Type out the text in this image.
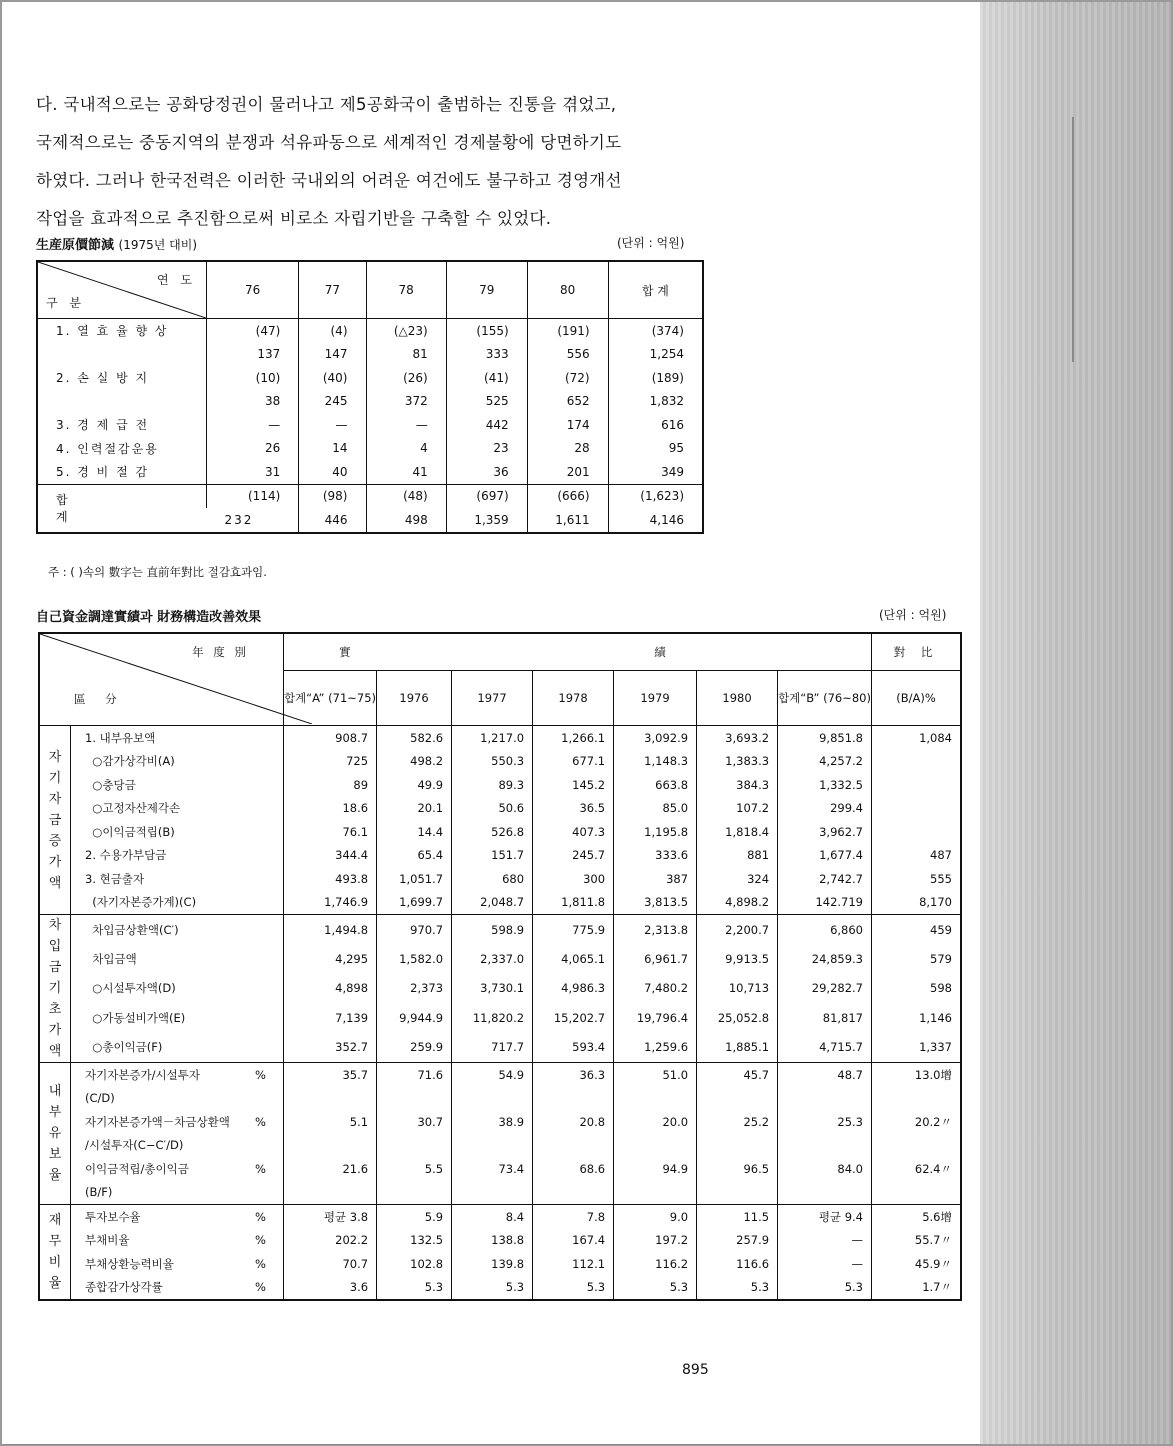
다. 국내적으로는 공화당정권이 물러나고 제5공화국이 출범하는 진통을 겪었고,
국제적으로는 중동지역의 분쟁과 석유파동으로 세계적인 경제불황에 당면하기도
하였다. 그러나 한국전력은 이러한 국내외의 어려운 여건에도 불구하고 경영개선
작업을 효과적으로 추진함으로써 비로소 자립기반을 구축할 수 있었다.
生産原價節減 (1975년 대비)	(단위 : 억원)
연 도
구 분	76	77	78	79	80	합 계
1. 열 효 율 향 상	(47)	(4)	(△23)	(155)	(191)	(374)
	137	147	81	333	556	1,254
2. 손 실 방 지	(10)	(40)	(26)	(41)	(72)	(189)
	38	245	372	525	652	1,832
3. 경 제 급 전	—	—	—	442	174	616
4. 인력절감운용	26	14	4	23	28	95
5. 경 비 절 감	31	40	41	36	201	349
합 계	(114)	(98)	(48)	(697)	(666)	(1,623)
	232	446	498	1,359	1,611	4,146
주 : ( )속의 數字는 直前年對比 절감효과임.
自己資金調達實績과 財務構造改善效果	(단위 : 억원)
年 度 別
區 分			實 績							對 比
			합계“A” (71~75)	1976	1977	1978	1979	1980	합계“B” (76~80)	(B/A)%

자기자금증가액	1. 내부유보액		908.7	582.6	1,217.0	1,266.1	3,092.9	3,693.2	9,851.8	1,084
	○감가상각비(A)		725	498.2	550.3	677.1	1,148.3	1,383.3	4,257.2	
	○충당금		89	49.9	89.3	145.2	663.8	384.3	1,332.5	
	○고정자산제각손		18.6	20.1	50.6	36.5	85.0	107.2	299.4	
	○이익금적립(B)		76.1	14.4	526.8	407.3	1,195.8	1,818.4	3,962.7	
	2. 수용가부담금		344.4	65.4	151.7	245.7	333.6	881	1,677.4	487
	3. 현금출자		493.8	1,051.7	680	300	387	324	2,742.7	555
	(자기자본증가계)(C)		1,746.9	1,699.7	2,048.7	1,811.8	3,813.5	4,898.2	142.719	8,170

차입금기초가액	차입금상환액(C′)		1,494.8	970.7	598.9	775.9	2,313.8	2,200.7	6,860	459
	차입금액		4,295	1,582.0	2,337.0	4,065.1	6,961.7	9,913.5	24,859.3	579
	○시설투자액(D)		4,898	2,373	3,730.1	4,986.3	7,480.2	10,713	29,282.7	598
	○가동설비가액(E)		7,139	9,944.9	11,820.2	15,202.7	19,796.4	25,052.8	81,817	1,146
	○총이익금(F)		352.7	259.9	717.7	593.4	1,259.6	1,885.1	4,715.7	1,337

내부유보율	자기자본증가/시설투자	%	35.7	71.6	54.9	36.3	51.0	45.7	48.7	13.0增
	(C/D)									
	자기자본증가액－차금상환액	%	5.1	30.7	38.9	20.8	20.0	25.2	25.3	20.2〃
	/시설투자(C−C′/D)									
	이익금적립/총이익금	%	21.6	5.5	73.4	68.6	94.9	96.5	84.0	62.4〃
	(B/F)									

재무비율	투자보수율	%	평균 3.8	5.9	8.4	7.8	9.0	11.5	평균 9.4	5.6增
	부채비율	%	202.2	132.5	138.8	167.4	197.2	257.9	—	55.7〃
	부채상환능력비율	%	70.7	102.8	139.8	112.1	116.2	116.6	—	45.9〃
	종합감가상각률	%	3.6	5.3	5.3	5.3	5.3	5.3	5.3	1.7〃
895
